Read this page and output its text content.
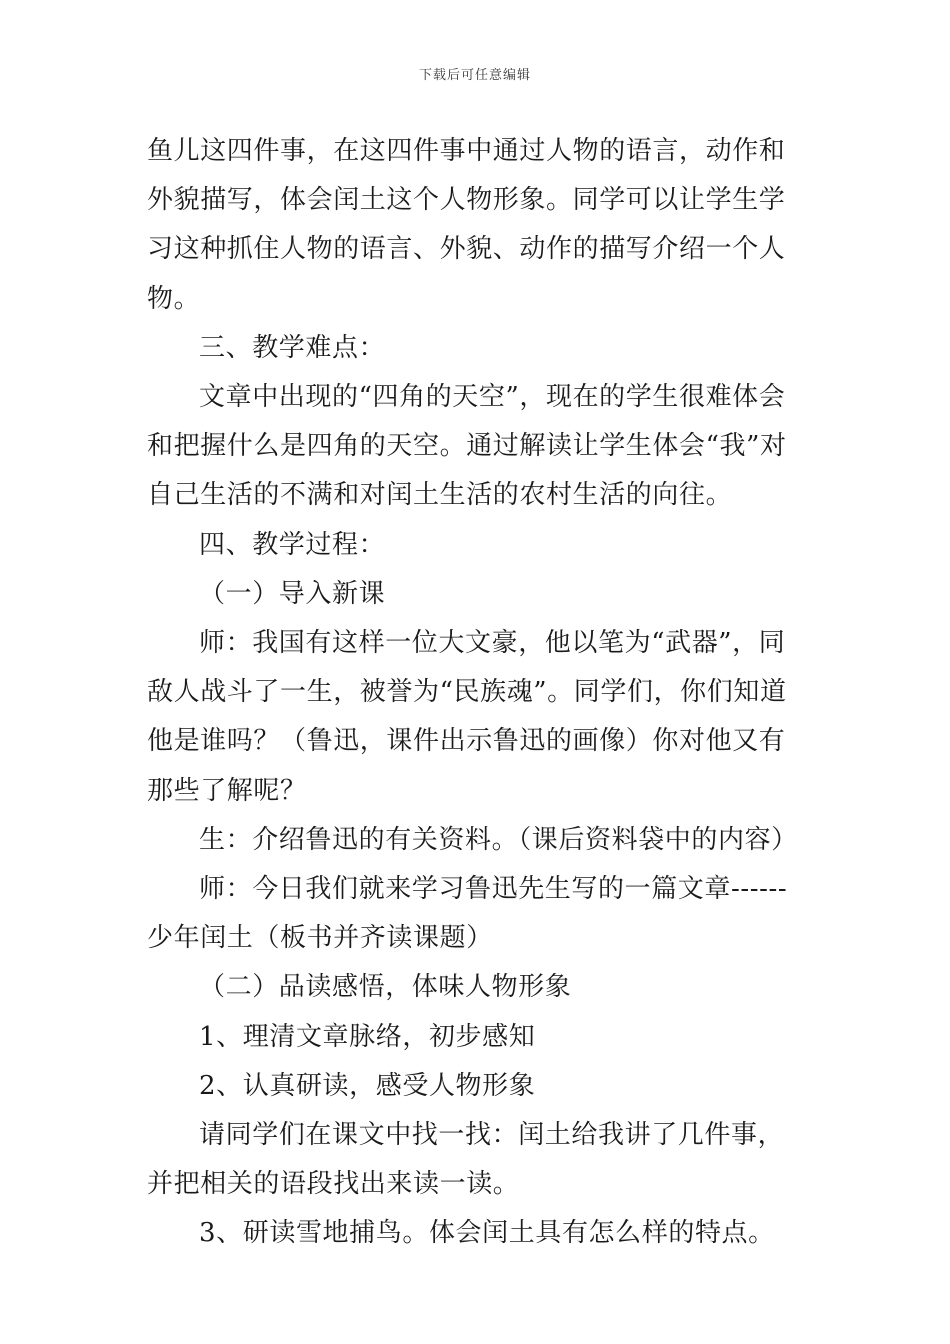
下载后可任意编辑

鱼儿这四件事，在这四件事中通过人物的语言，动作和外貌描写，体会闰土这个人物形象。同学可以让学生学习这种抓住人物的语言、外貌、动作的描写介绍一个人物。

三、教学难点：

文章中出现的“四角的天空”，现在的学生很难体会和把握什么是四角的天空。通过解读让学生体会“我”对自己生活的不满和对闰土生活的农村生活的向往。

四、教学过程：

（一）导入新课

师：我国有这样一位大文豪，他以笔为“武器”，同敌人战斗了一生，被誉为“民族魂”。同学们，你们知道他是谁吗？（鲁迅，课件出示鲁迅的画像）你对他又有那些了解呢？

生：介绍鲁迅的有关资料。（课后资料袋中的内容）

师：今日我们就来学习鲁迅先生写的一篇文章------少年闰土（板书并齐读课题）

（二）品读感悟，体味人物形象

1、理清文章脉络，初步感知

2、认真研读，感受人物形象

请同学们在课文中找一找：闰土给我讲了几件事，并把相关的语段找出来读一读。

3、研读雪地捕鸟。体会闰土具有怎么样的特点。
